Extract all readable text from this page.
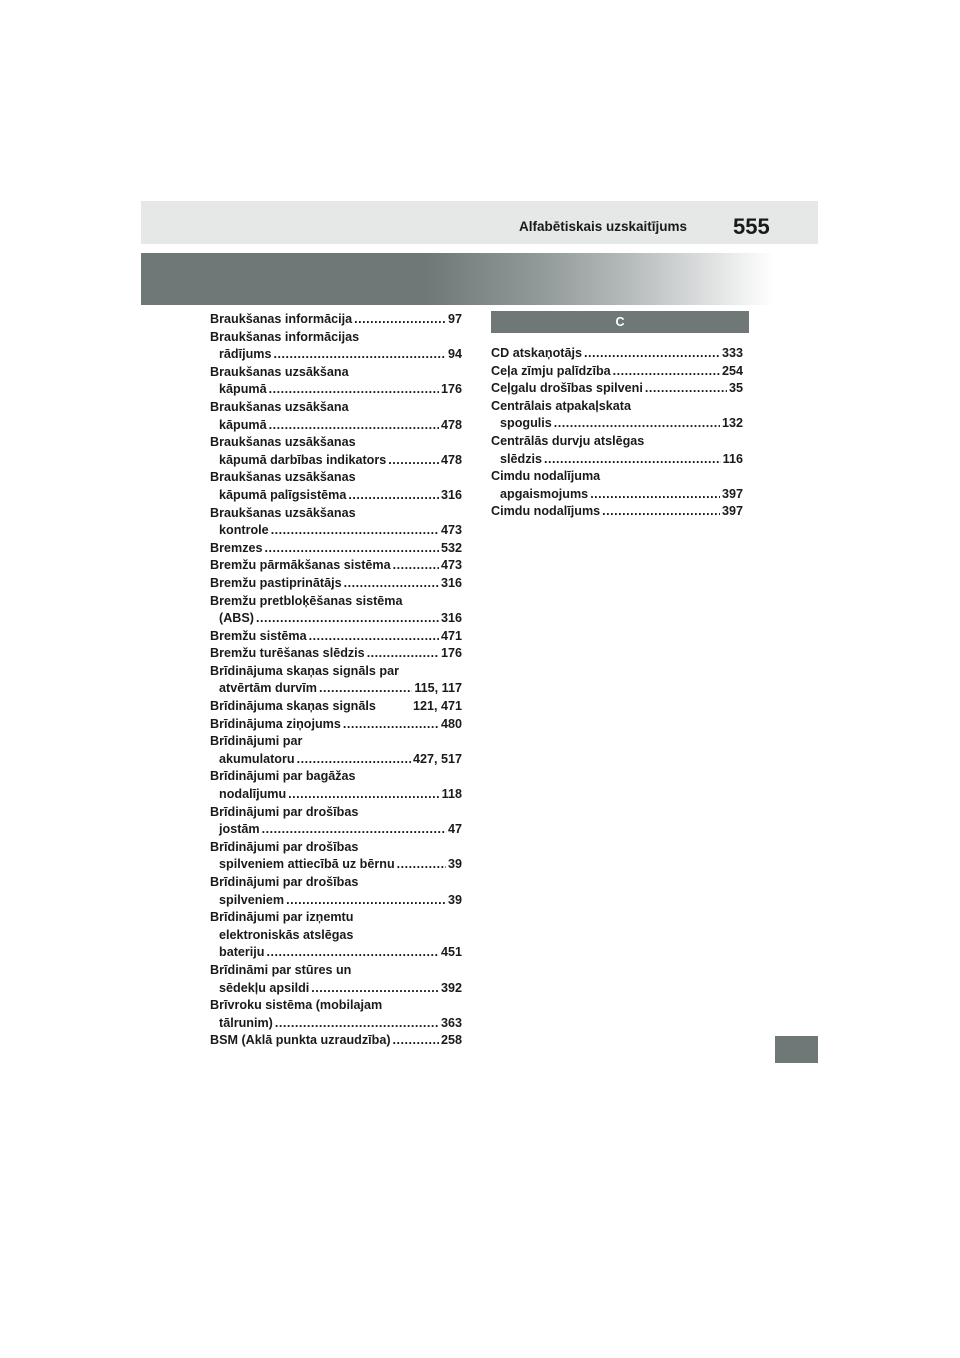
Alfabētiskais uzskaitījums 555
Braukšanas informācija .....	97
Braukšanas informācijas
rādījums .....	94
Braukšanas uzsākšana
kāpumā .....	176
Braukšanas uzsākšana
kāpumā .....	478
Braukšanas uzsākšanas
kāpumā darbības indikators .....	478
Braukšanas uzsākšanas
kāpumā palīgsistēma .....	316
Braukšanas uzsākšanas
kontrole .....	473
Bremzes .....	532
Bremžu pārmākšanas sistēma .....	473
Bremžu pastiprinātājs .....	316
Bremžu pretbloķēšanas sistēma
(ABS) .....	316
Bremžu sistēma .....	471
Bremžu turēšanas slēdzis .....	176
Brīdinājuma skaņas signāls par
atvērtām durvīm .....	115, 117
Brīdinājuma skaņas signāls	121, 471
Brīdinājuma ziņojums .....	480
Brīdinājumi par
akumulatoru .....	427, 517
Brīdinājumi par bagāžas
nodalījumu .....	118
Brīdinājumi par drošības
jostām .....	47
Brīdinājumi par drošības
spilveniem attiecībā uz bērnu .....	39
Brīdinājumi par drošības
spilveniem .....	39
Brīdinājumi par izņemtu
elektroniskās atslēgas
bateriju .....	451
Brīdināmi par stūres un
sēdekļu apsildi .....	392
Brīvroku sistēma (mobilajam
tālrunim) .....	363
BSM (Aklā punkta uzraudzība) .....	258
C
CD atskaņotājs .....	333
Ceļa zīmju palīdzība .....	254
Ceļgalu drošības spilveni .....	35
Centrālais atpakaļskata
spogulis .....	132
Centrālās durvju atslēgas
slēdzis .....	116
Cimdu nodalījuma
apgaismojums .....	397
Cimdu nodalījums .....	397
